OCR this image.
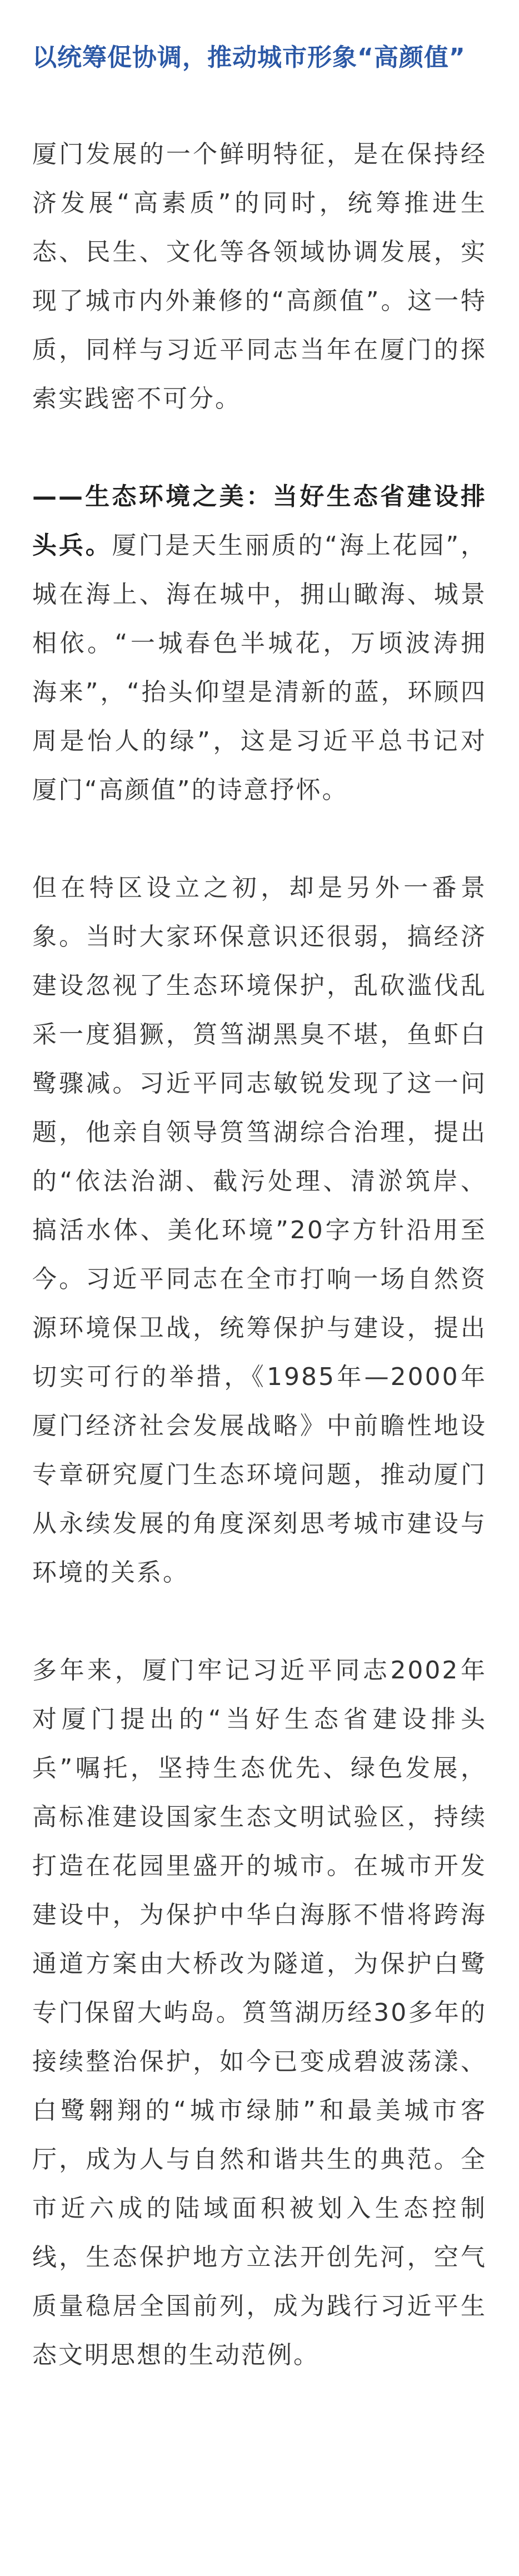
以统筹促协调，推动城市形象“高颜值”

厦门发展的一个鲜明特征，是在保持经济发展“高素质”的同时，统筹推进生态、民生、文化等各领域协调发展，实现了城市内外兼修的“高颜值”。这一特质，同样与习近平同志当年在厦门的探索实践密不可分。

——生态环境之美：当好生态省建设排头兵。厦门是天生丽质的“海上花园”，城在海上、海在城中，拥山瞰海、城景相依。“一城春色半城花，万顷波涛拥海来”，“抬头仰望是清新的蓝，环顾四周是怡人的绿”，这是习近平总书记对厦门“高颜值”的诗意抒怀。

但在特区设立之初，却是另外一番景象。当时大家环保意识还很弱，搞经济建设忽视了生态环境保护，乱砍滥伐乱采一度猖獗，筼筜湖黑臭不堪，鱼虾白鹭骤减。习近平同志敏锐发现了这一问题，他亲自领导筼筜湖综合治理，提出的“依法治湖、截污处理、清淤筑岸、搞活水体、美化环境”20字方针沿用至今。习近平同志在全市打响一场自然资源环境保卫战，统筹保护与建设，提出切实可行的举措，《1985年—2000年厦门经济社会发展战略》中前瞻性地设专章研究厦门生态环境问题，推动厦门从永续发展的角度深刻思考城市建设与环境的关系。

多年来，厦门牢记习近平同志2002年对厦门提出的“当好生态省建设排头兵”嘱托，坚持生态优先、绿色发展，高标准建设国家生态文明试验区，持续打造在花园里盛开的城市。在城市开发建设中，为保护中华白海豚不惜将跨海通道方案由大桥改为隧道，为保护白鹭专门保留大屿岛。筼筜湖历经30多年的接续整治保护，如今已变成碧波荡漾、白鹭翱翔的“城市绿肺”和最美城市客厅，成为人与自然和谐共生的典范。全市近六成的陆域面积被划入生态控制线，生态保护地方立法开创先河，空气质量稳居全国前列，成为践行习近平生态文明思想的生动范例。
